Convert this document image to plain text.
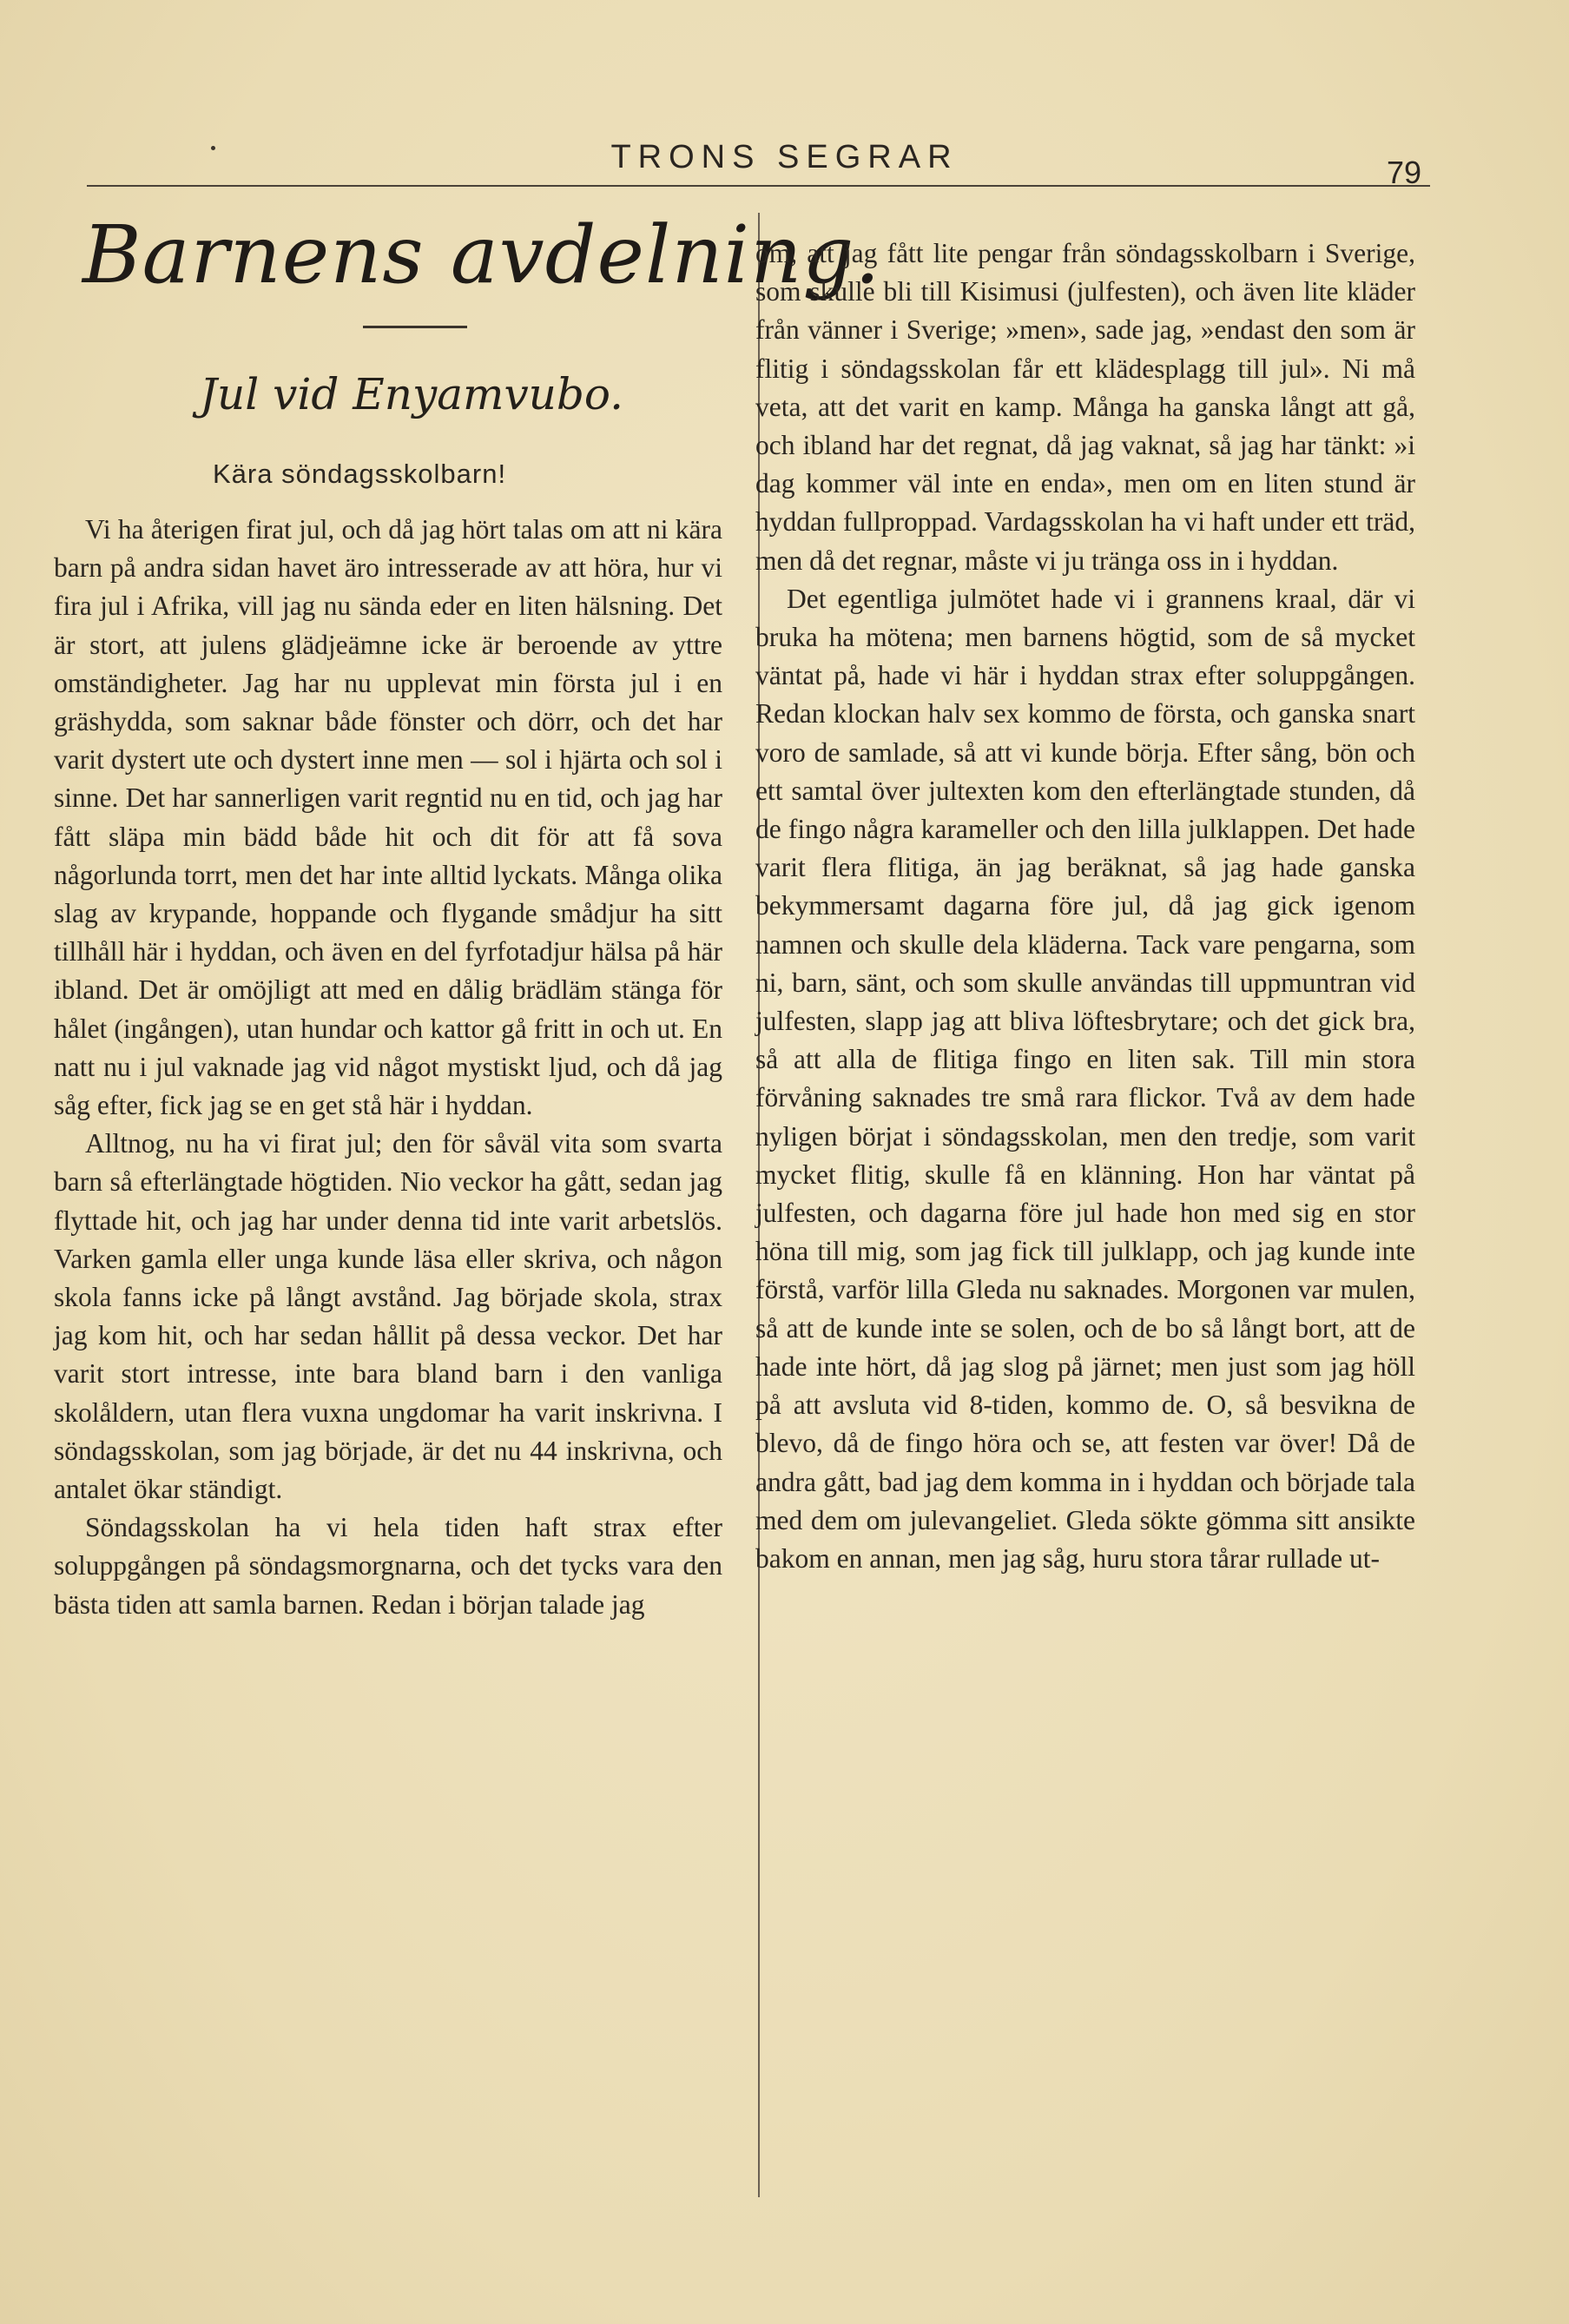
TRONS SEGRAR	79
Barnens avdelning.
Jul vid Enyamvubo.
Kära söndagsskolbarn!

Vi ha återigen firat jul, och då jag hört talas om att ni kära barn på andra sidan havet äro intresserade av att höra, hur vi fira jul i Afrika, vill jag nu sända eder en liten hälsning. Det är stort, att julens glädjeämne icke är beroende av yttre omständigheter. Jag har nu upplevat min första jul i en gräshydda, som saknar både fönster och dörr, och det har varit dystert ute och dystert inne men — sol i hjärta och sol i sinne. Det har sannerligen varit regntid nu en tid, och jag har fått släpa min bädd både hit och dit för att få sova någorlunda torrt, men det har inte alltid lyckats. Många olika slag av krypande, hoppande och flygande smådjur ha sitt tillhåll här i hyddan, och även en del fyrfotadjur hälsa på här ibland. Det är omöjligt att med en dålig brädläm stänga för hålet (ingången), utan hundar och kattor gå fritt in och ut. En natt nu i jul vaknade jag vid något mystiskt ljud, och då jag såg efter, fick jag se en get stå här i hyddan.

Alltnog, nu ha vi firat jul; den för såväl vita som svarta barn så efterlängtade högtiden. Nio veckor ha gått, sedan jag flyttade hit, och jag har under denna tid inte varit arbetslös. Varken gamla eller unga kunde läsa eller skriva, och någon skola fanns icke på långt avstånd. Jag började skola, strax jag kom hit, och har sedan hållit på dessa veckor. Det har varit stort intresse, inte bara bland barn i den vanliga skolåldern, utan flera vuxna ungdomar ha varit inskrivna. I söndagsskolan, som jag började, är det nu 44 inskrivna, och antalet ökar ständigt.

Söndagsskolan ha vi hela tiden haft strax efter soluppgången på söndagsmorgnarna, och det tycks vara den bästa tiden att samla barnen. Redan i början talade jag

om, att jag fått lite pengar från söndagsskolbarn i Sverige, som skulle bli till Kisimusi (julfesten), och även lite kläder från vänner i Sverige; »men», sade jag, »endast den som är flitig i söndagsskolan får ett klädesplagg till jul». Ni må veta, att det varit en kamp. Många ha ganska långt att gå, och ibland har det regnat, då jag vaknat, så jag har tänkt: »i dag kommer väl inte en enda», men om en liten stund är hyddan fullproppad. Vardagsskolan ha vi haft under ett träd, men då det regnar, måste vi ju tränga oss in i hyddan.

Det egentliga julmötet hade vi i grannens kraal, där vi bruka ha mötena; men barnens högtid, som de så mycket väntat på, hade vi här i hyddan strax efter soluppgången. Redan klockan halv sex kommo de första, och ganska snart voro de samlade, så att vi kunde börja. Efter sång, bön och ett samtal över jultexten kom den efterlängtade stunden, då de fingo några karameller och den lilla julklappen. Det hade varit flera flitiga, än jag beräknat, så jag hade ganska bekymmersamt dagarna före jul, då jag gick igenom namnen och skulle dela kläderna. Tack vare pengarna, som ni, barn, sänt, och som skulle användas till uppmuntran vid julfesten, slapp jag att bliva löftesbrytare; och det gick bra, så att alla de flitiga fingo en liten sak. Till min stora förvåning saknades tre små rara flickor. Två av dem hade nyligen börjat i söndagsskolan, men den tredje, som varit mycket flitig, skulle få en klänning. Hon har väntat på julfesten, och dagarna före jul hade hon med sig en stor höna till mig, som jag fick till julklapp, och jag kunde inte förstå, varför lilla Gleda nu saknades. Morgonen var mulen, så att de kunde inte se solen, och de bo så långt bort, att de hade inte hört, då jag slog på järnet; men just som jag höll på att avsluta vid 8-tiden, kommo de. O, så besvikna de blevo, då de fingo höra och se, att festen var över! Då de andra gått, bad jag dem komma in i hyddan och började tala med dem om julevangeliet. Gleda sökte gömma sitt ansikte bakom en annan, men jag såg, huru stora tårar rullade ut-
